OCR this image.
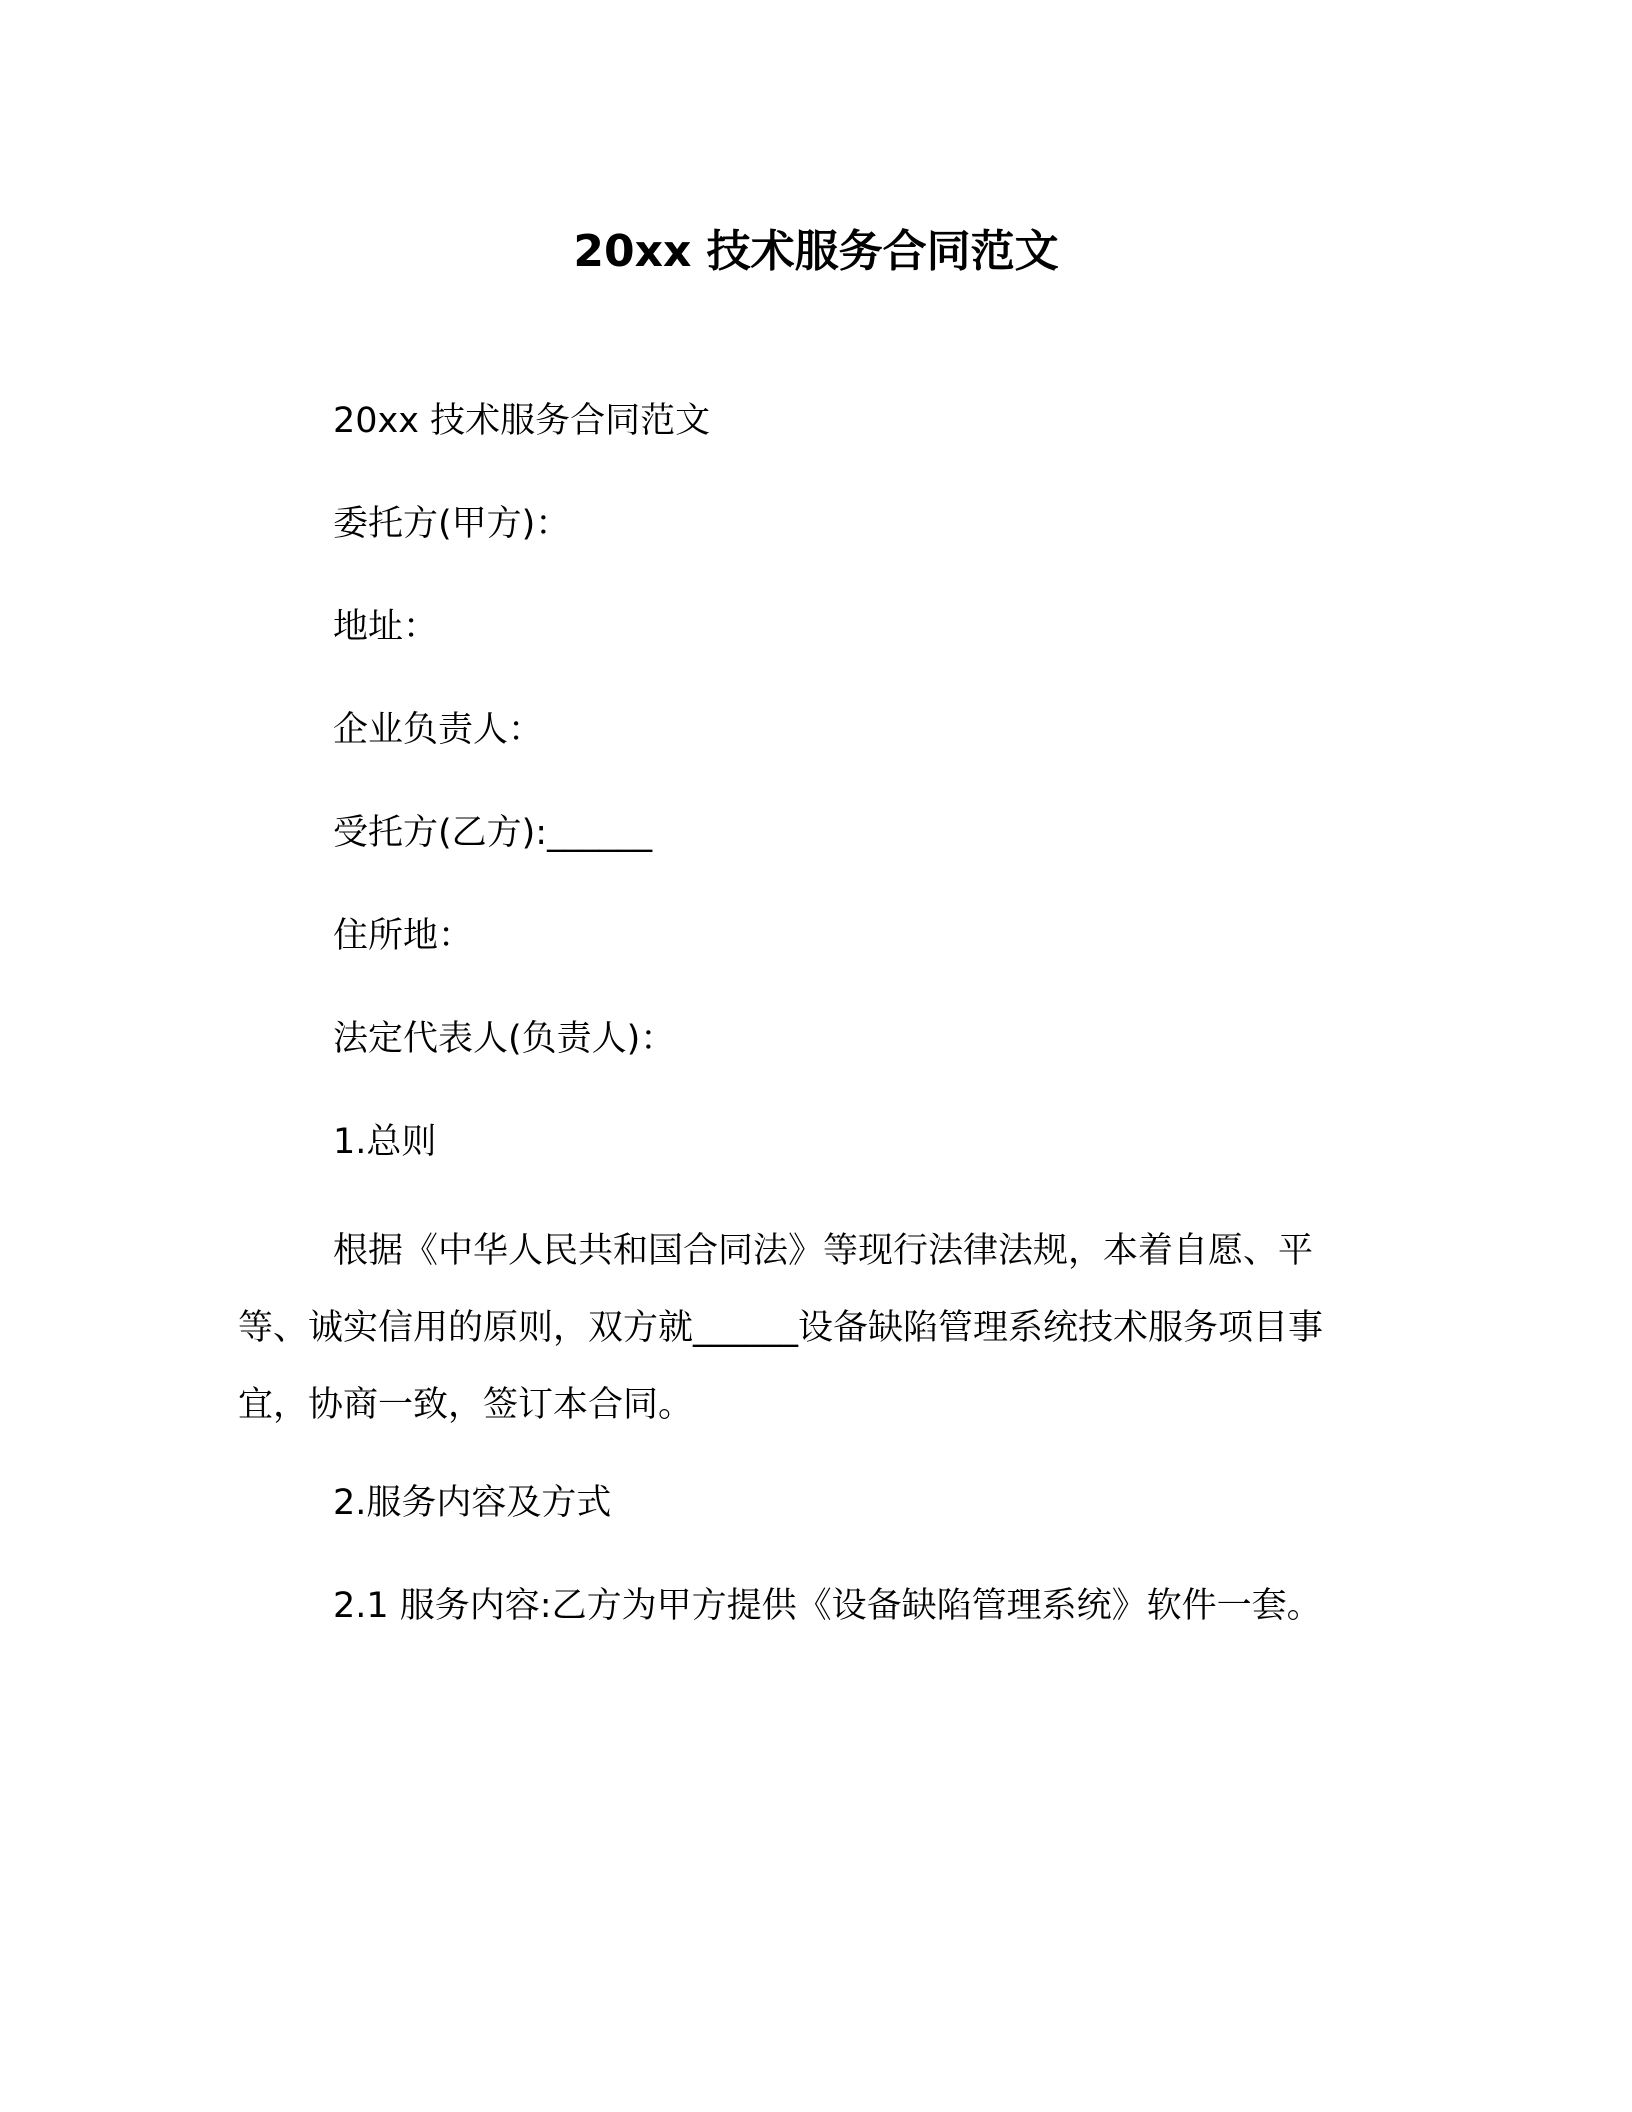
20xx 技术服务合同范文
20xx 技术服务合同范文
委托方(甲方)：
地址：
企业负责人：
受托方(乙方):______
住所地：
法定代表人(负责人)：
1.总则

根据《中华人民共和国合同法》等现行法律法规，本着自愿、平等、诚实信用的原则，双方就______设备缺陷管理系统技术服务项目事宜，协商一致，签订本合同。

2.服务内容及方式
2.1 服务内容:乙方为甲方提供《设备缺陷管理系统》软件一套。
